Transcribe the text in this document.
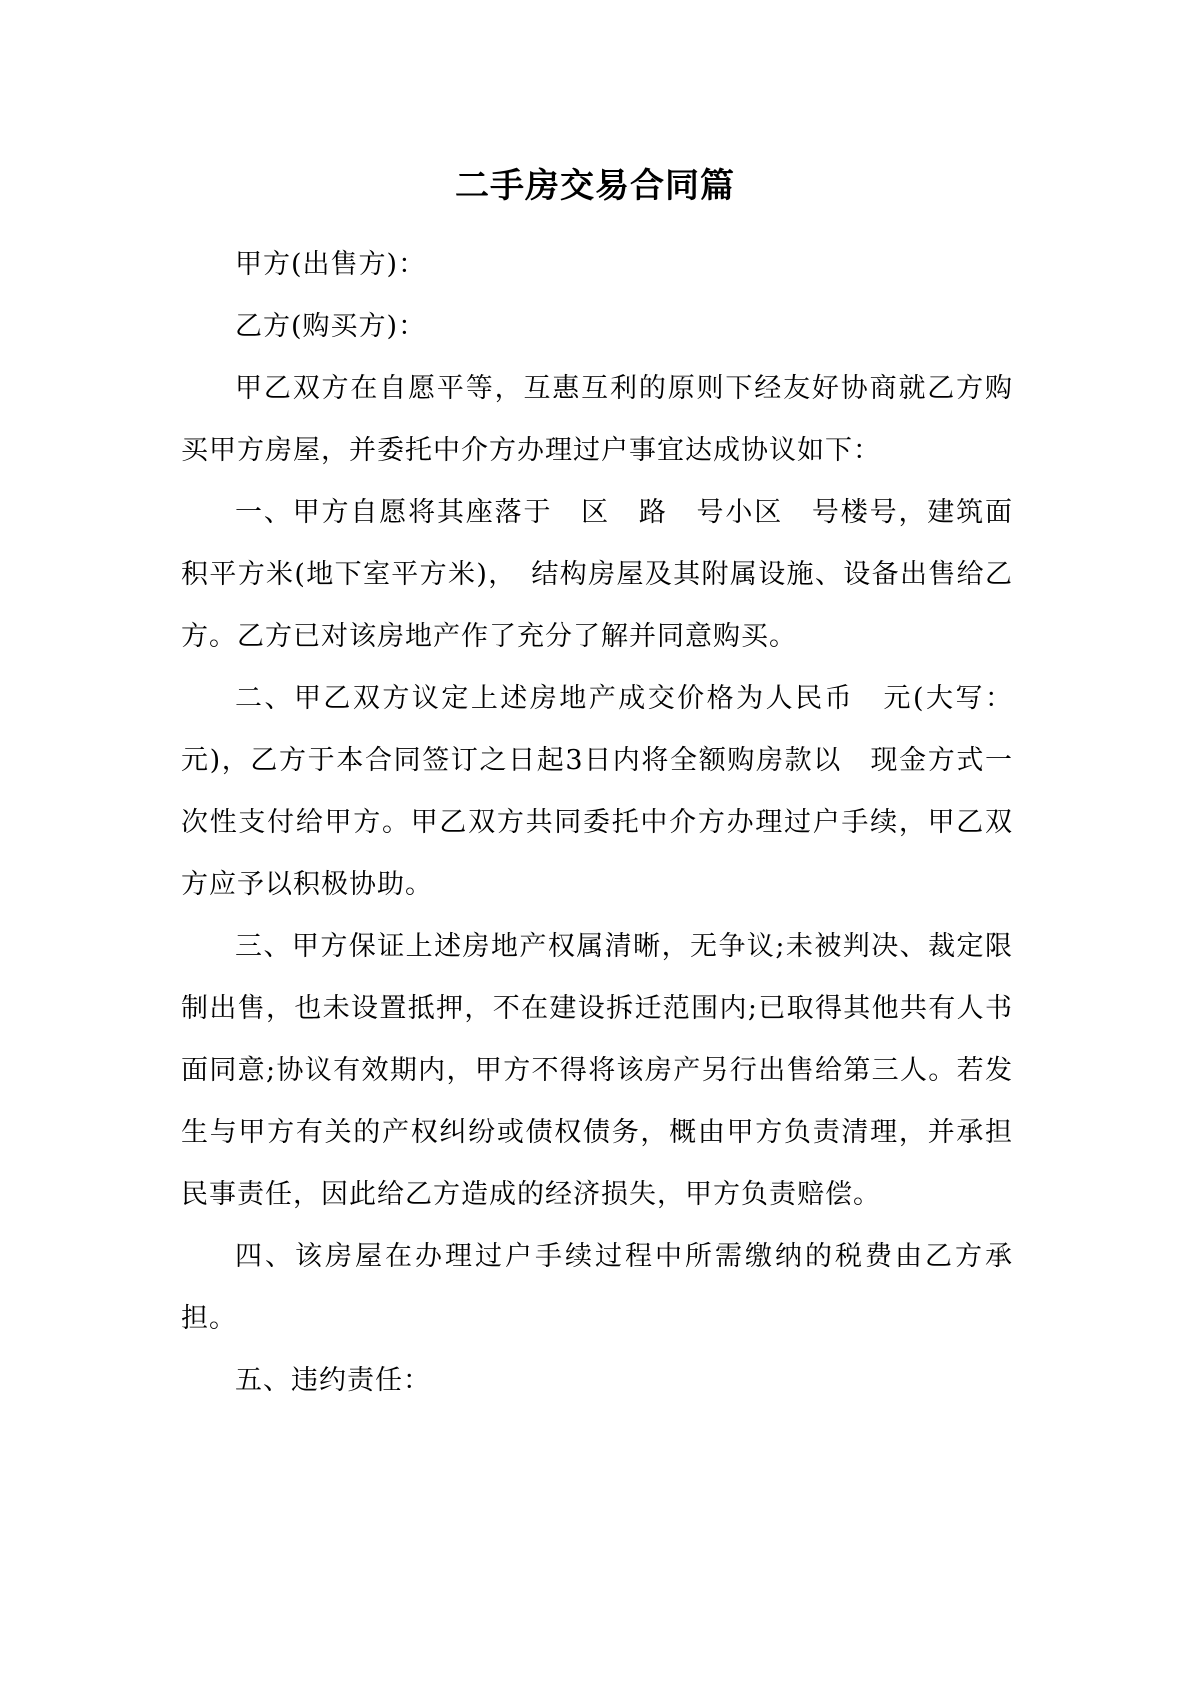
二手房交易合同篇

甲方(出售方)：

乙方(购买方)：

甲乙双方在自愿平等，互惠互利的原则下经友好协商就乙方购买甲方房屋，并委托中介方办理过户事宜达成协议如下：

一、甲方自愿将其座落于　区　路　号小区　号楼号，建筑面积平方米(地下室平方米)，　结构房屋及其附属设施、设备出售给乙方。乙方已对该房地产作了充分了解并同意购买。

二、甲乙双方议定上述房地产成交价格为人民币　元(大写：元)，乙方于本合同签订之日起3日内将全额购房款以　现金方式一次性支付给甲方。甲乙双方共同委托中介方办理过户手续，甲乙双方应予以积极协助。

三、甲方保证上述房地产权属清晰，无争议;未被判决、裁定限制出售，也未设置抵押，不在建设拆迁范围内;已取得其他共有人书面同意;协议有效期内，甲方不得将该房产另行出售给第三人。若发生与甲方有关的产权纠纷或债权债务，概由甲方负责清理，并承担民事责任，因此给乙方造成的经济损失，甲方负责赔偿。

四、该房屋在办理过户手续过程中所需缴纳的税费由乙方承担。

五、违约责任：
